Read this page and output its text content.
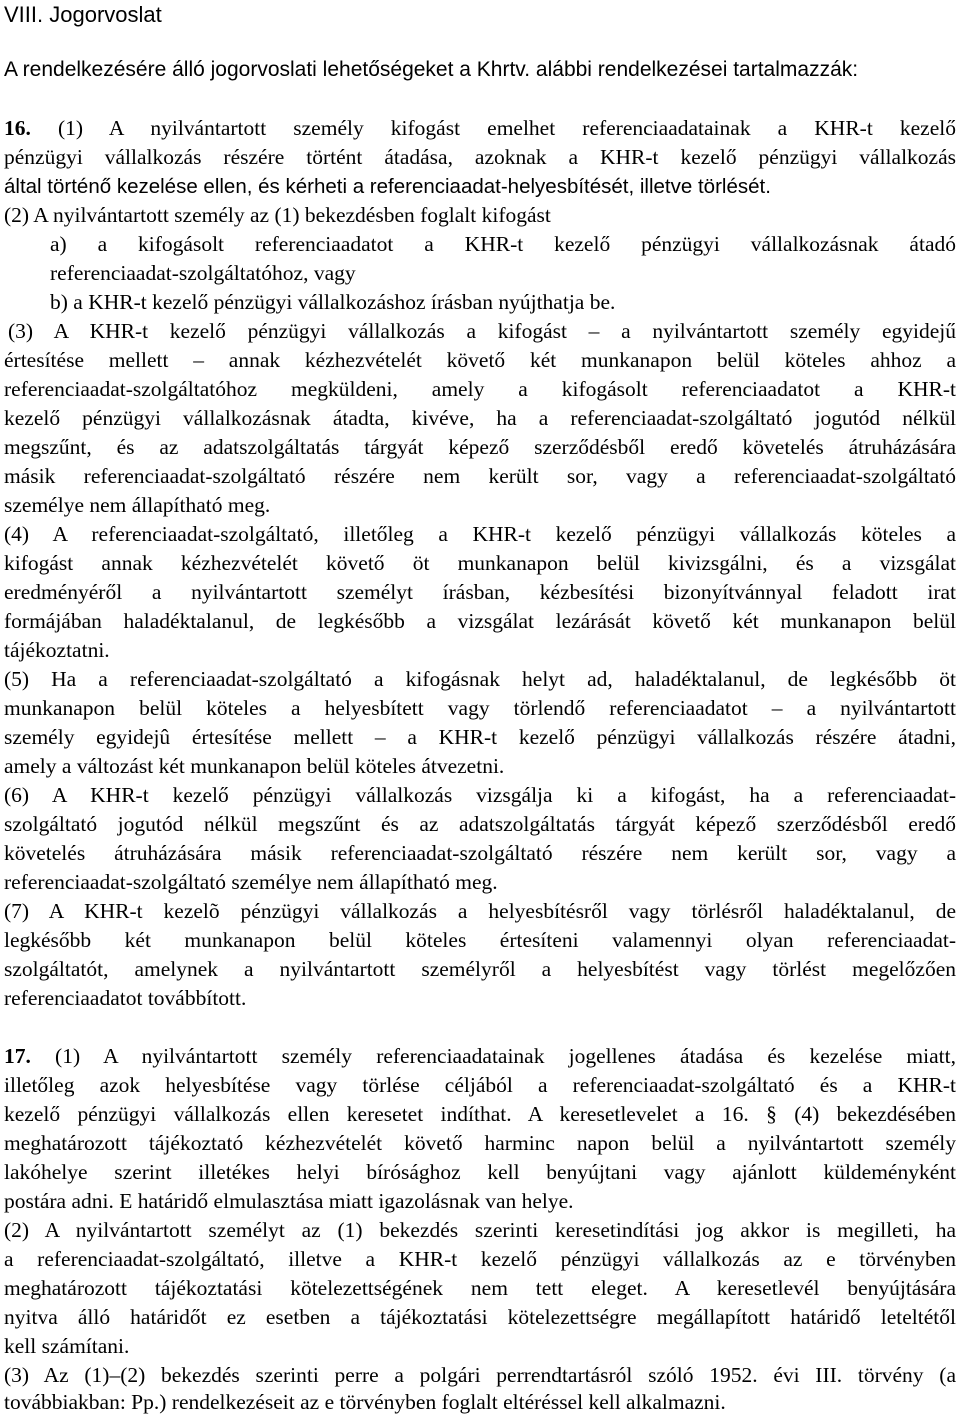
VIII. Jogorvoslat
A rendelkezésére álló jogorvoslati lehetőségeket a Khrtv. alábbi rendelkezései tartalmazzák:
16. (1) A nyilvántartott személy kifogást emelhet referenciaadatainak a KHR-t kezelő
pénzügyi vállalkozás részére történt átadása, azoknak a KHR-t kezelő pénzügyi vállalkozás
által történő kezelése ellen, és kérheti a referenciaadat-helyesbítését, illetve törlését.
(2) A nyilvántartott személy az (1) bekezdésben foglalt kifogást
a) a kifogásolt referenciaadatot a KHR-t kezelő pénzügyi vállalkozásnak átadó
referenciaadat-szolgáltatóhoz, vagy
b) a KHR-t kezelő pénzügyi vállalkozáshoz írásban nyújthatja be.
(3) A KHR-t kezelő pénzügyi vállalkozás a kifogást – a nyilvántartott személy egyidejű
értesítése mellett – annak kézhezvételét követő két munkanapon belül köteles ahhoz a
referenciaadat-szolgáltatóhoz megküldeni, amely a kifogásolt referenciaadatot a KHR-t
kezelő pénzügyi vállalkozásnak átadta, kivéve, ha a referenciaadat-szolgáltató jogutód nélkül
megszűnt, és az adatszolgáltatás tárgyát képező szerződésből eredő követelés átruházására
másik referenciaadat-szolgáltató részére nem került sor, vagy a referenciaadat-szolgáltató
személye nem állapítható meg.
(4) A referenciaadat-szolgáltató, illetőleg a KHR-t kezelő pénzügyi vállalkozás köteles a
kifogást annak kézhezvételét követő öt munkanapon belül kivizsgálni, és a vizsgálat
eredményéről a nyilvántartott személyt írásban, kézbesítési bizonyítvánnyal feladott irat
formájában haladéktalanul, de legkésőbb a vizsgálat lezárását követő két munkanapon belül
tájékoztatni.
(5) Ha a referenciaadat-szolgáltató a kifogásnak helyt ad, haladéktalanul, de legkésőbb öt
munkanapon belül köteles a helyesbített vagy törlendő referenciaadatot – a nyilvántartott
személy egyidejû értesítése mellett – a KHR-t kezelő pénzügyi vállalkozás részére átadni,
amely a változást két munkanapon belül köteles átvezetni.
(6) A KHR-t kezelő pénzügyi vállalkozás vizsgálja ki a kifogást, ha a referenciaadat-
szolgáltató jogutód nélkül megszűnt és az adatszolgáltatás tárgyát képező szerződésből eredő
követelés átruházására másik referenciaadat-szolgáltató részére nem került sor, vagy a
referenciaadat-szolgáltató személye nem állapítható meg.
(7) A KHR-t kezelõ pénzügyi vállalkozás a helyesbítésről vagy törlésről haladéktalanul, de
legkésőbb két munkanapon belül köteles értesíteni valamennyi olyan referenciaadat-
szolgáltatót, amelynek a nyilvántartott személyről a helyesbítést vagy törlést megelőzően
referenciaadatot továbbított.
17. (1) A nyilvántartott személy referenciaadatainak jogellenes átadása és kezelése miatt,
illetőleg azok helyesbítése vagy törlése céljából a referenciaadat-szolgáltató és a KHR-t
kezelő pénzügyi vállalkozás ellen keresetet indíthat. A keresetlevelet a 16. § (4) bekezdésében
meghatározott tájékoztató kézhezvételét követő harminc napon belül a nyilvántartott személy
lakóhelye szerint illetékes helyi bírósághoz kell benyújtani vagy ajánlott küldeményként
postára adni. E határidő elmulasztása miatt igazolásnak van helye.
(2) A nyilvántartott személyt az (1) bekezdés szerinti keresetindítási jog akkor is megilleti, ha
a referenciaadat-szolgáltató, illetve a KHR-t kezelő pénzügyi vállalkozás az e törvényben
meghatározott tájékoztatási kötelezettségének nem tett eleget. A keresetlevél benyújtására
nyitva álló határidőt ez esetben a tájékoztatási kötelezettségre megállapított határidő leteltétől
kell számítani.
(3) Az (1)–(2) bekezdés szerinti perre a polgári perrendtartásról szóló 1952. évi III. törvény (a
továbbiakban: Pp.) rendelkezéseit az e törvényben foglalt eltéréssel kell alkalmazni.
